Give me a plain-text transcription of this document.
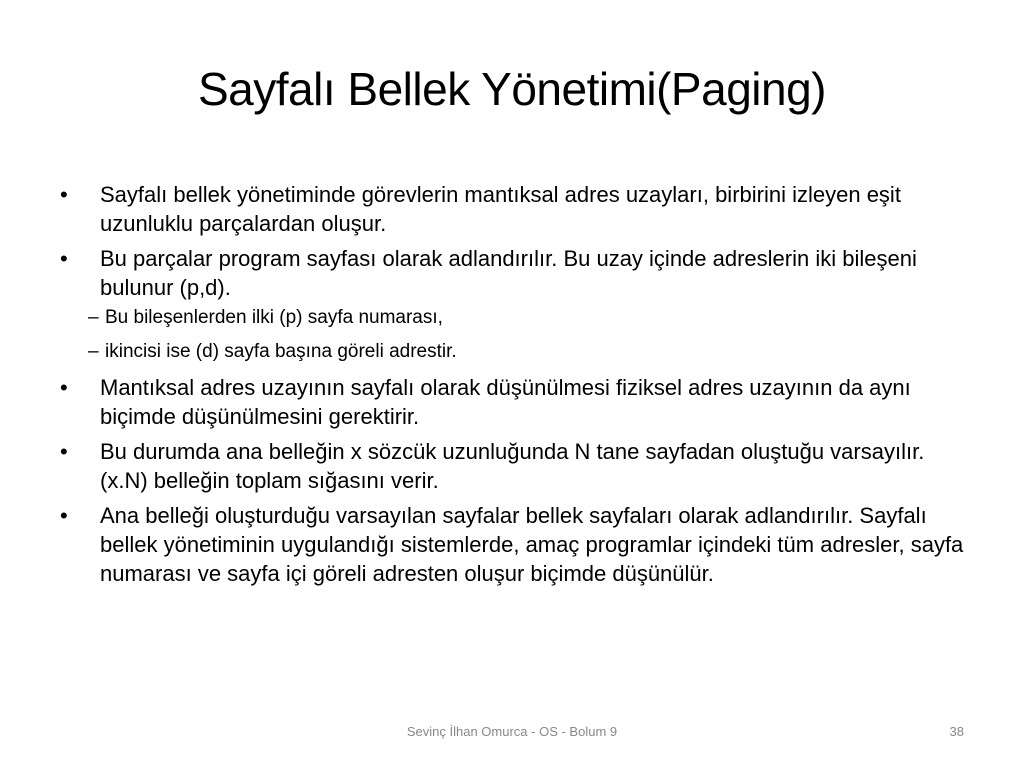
Sayfalı Bellek Yönetimi(Paging)
•	Sayfalı bellek yönetiminde görevlerin mantıksal adres uzayları, birbirini izleyen eşit uzunluklu parçalardan oluşur.
•	Bu parçalar program sayfası olarak adlandırılır. Bu uzay içinde adreslerin iki bileşeni bulunur (p,d).
– Bu bileşenlerden ilki (p) sayfa numarası,
– ikincisi ise (d) sayfa başına göreli adrestir.
•	Mantıksal adres uzayının sayfalı olarak düşünülmesi fiziksel adres uzayının da aynı biçimde düşünülmesini gerektirir.
•	Bu durumda ana belleğin x sözcük uzunluğunda N tane sayfadan oluştuğu varsayılır. (x.N) belleğin toplam sığasını verir.
•	Ana belleği oluşturduğu varsayılan sayfalar bellek sayfaları olarak adlandırılır. Sayfalı bellek yönetiminin uygulandığı sistemlerde, amaç programlar içindeki tüm adresler, sayfa numarası ve sayfa içi göreli adresten oluşur biçimde düşünülür.
Sevinç İlhan Omurca - OS - Bolum 9	38
